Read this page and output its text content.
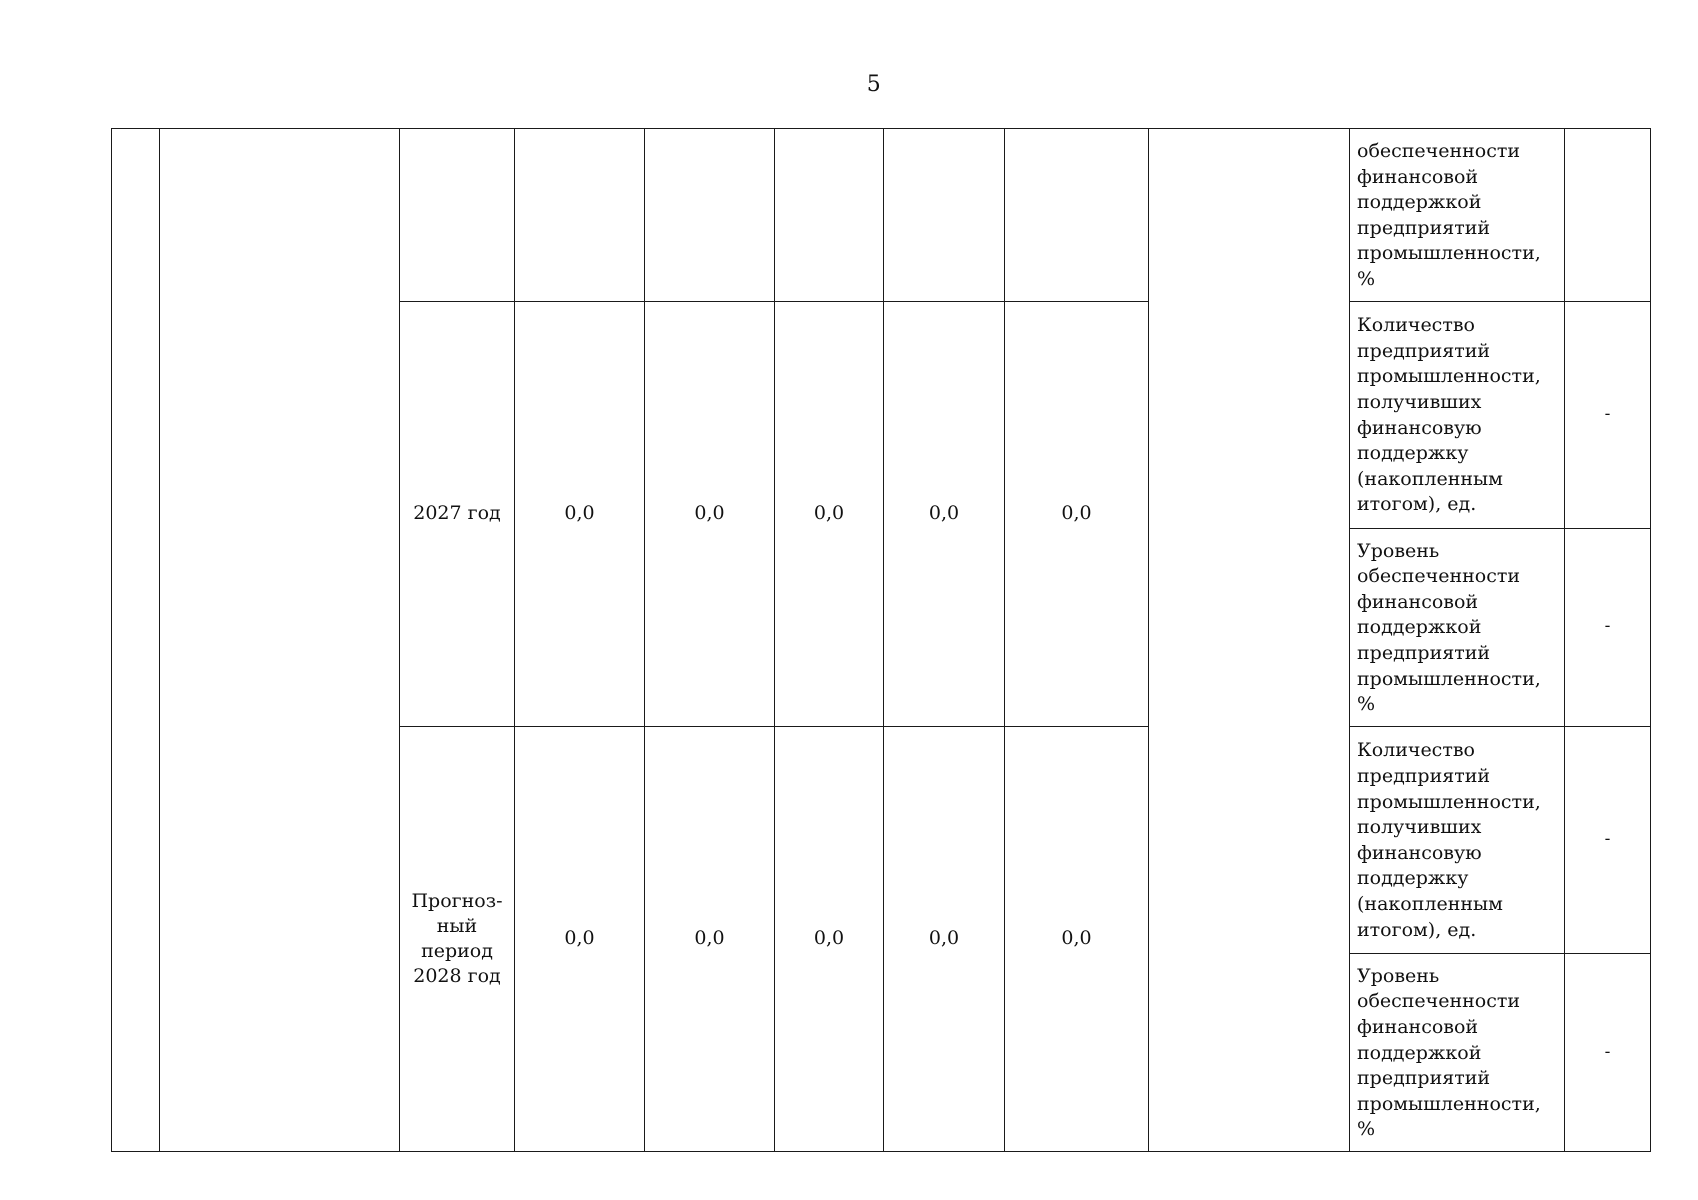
5
									обеспеченности финансовой поддержкой предприятий промышленности, %	
		2027 год	0,0	0,0	0,0	0,0	0,0		Количество предприятий промышленности, получивших финансовую поддержку (накопленным итогом), ед.	-
									Уровень обеспеченности финансовой поддержкой предприятий промышленности, %	-
		Прогноз-ный период 2028 год	0,0	0,0	0,0	0,0	0,0		Количество предприятий промышленности, получивших финансовую поддержку (накопленным итогом), ед.	-
									Уровень обеспеченности финансовой поддержкой предприятий промышленности, %	-
